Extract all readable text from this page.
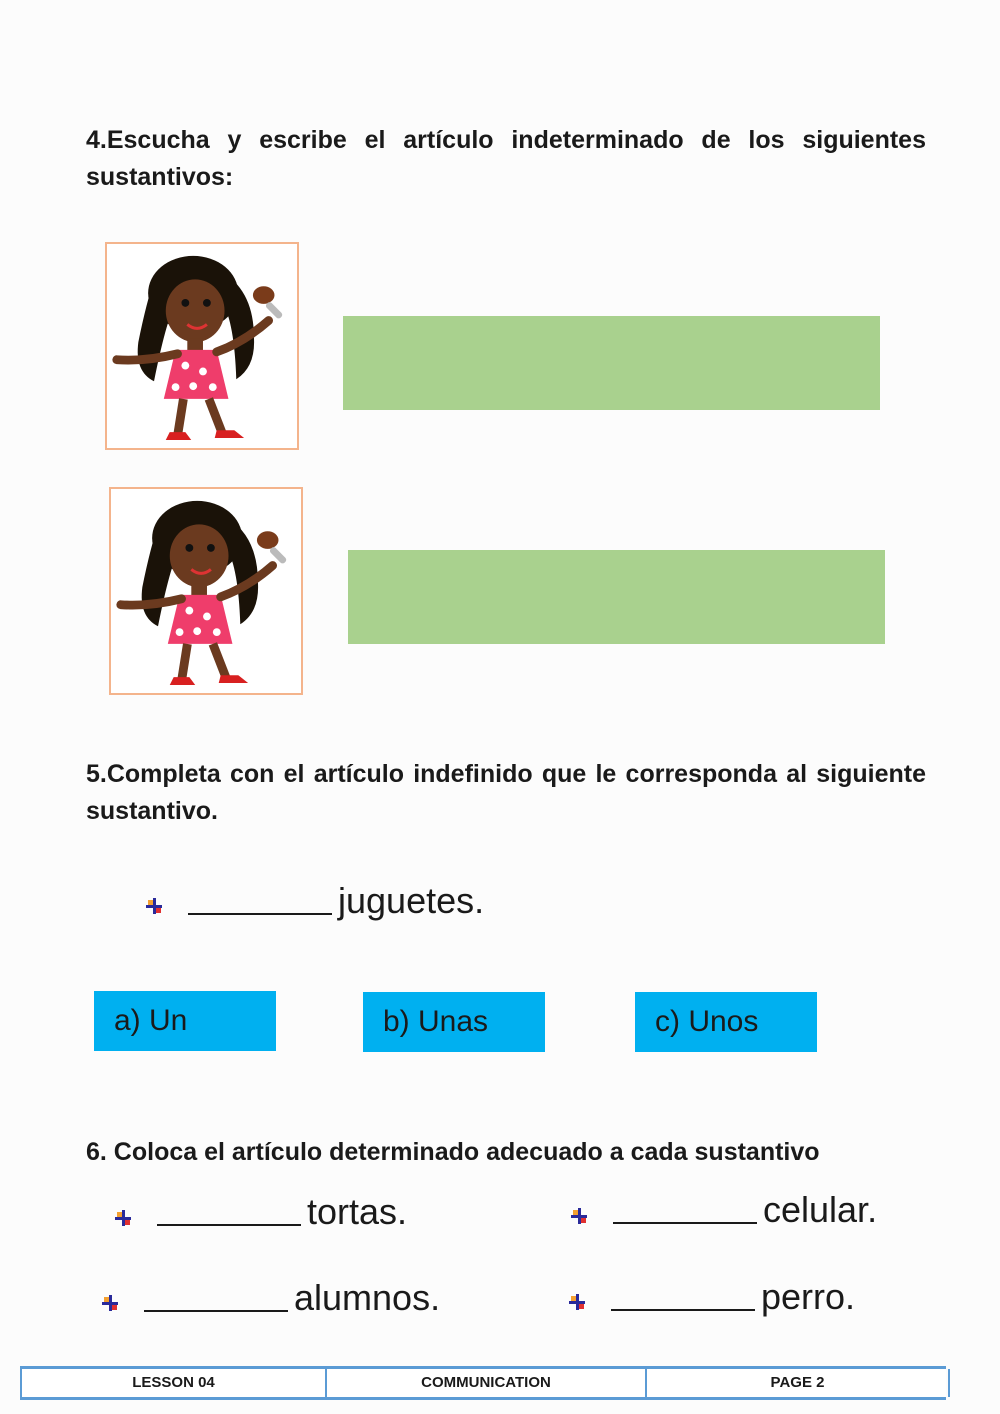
4.Escucha y escribe el artículo indeterminado de los siguientes sustantivos:

5.Completa con el artículo indefinido que le corresponda al siguiente sustantivo.

juguetes.
a) Un	b) Unas	c) Unos

6. Coloca el artículo determinado adecuado a cada sustantivo

tortas.	celular.
alumnos.	perro.
LESSON 04	COMMUNICATION	PAGE 2
